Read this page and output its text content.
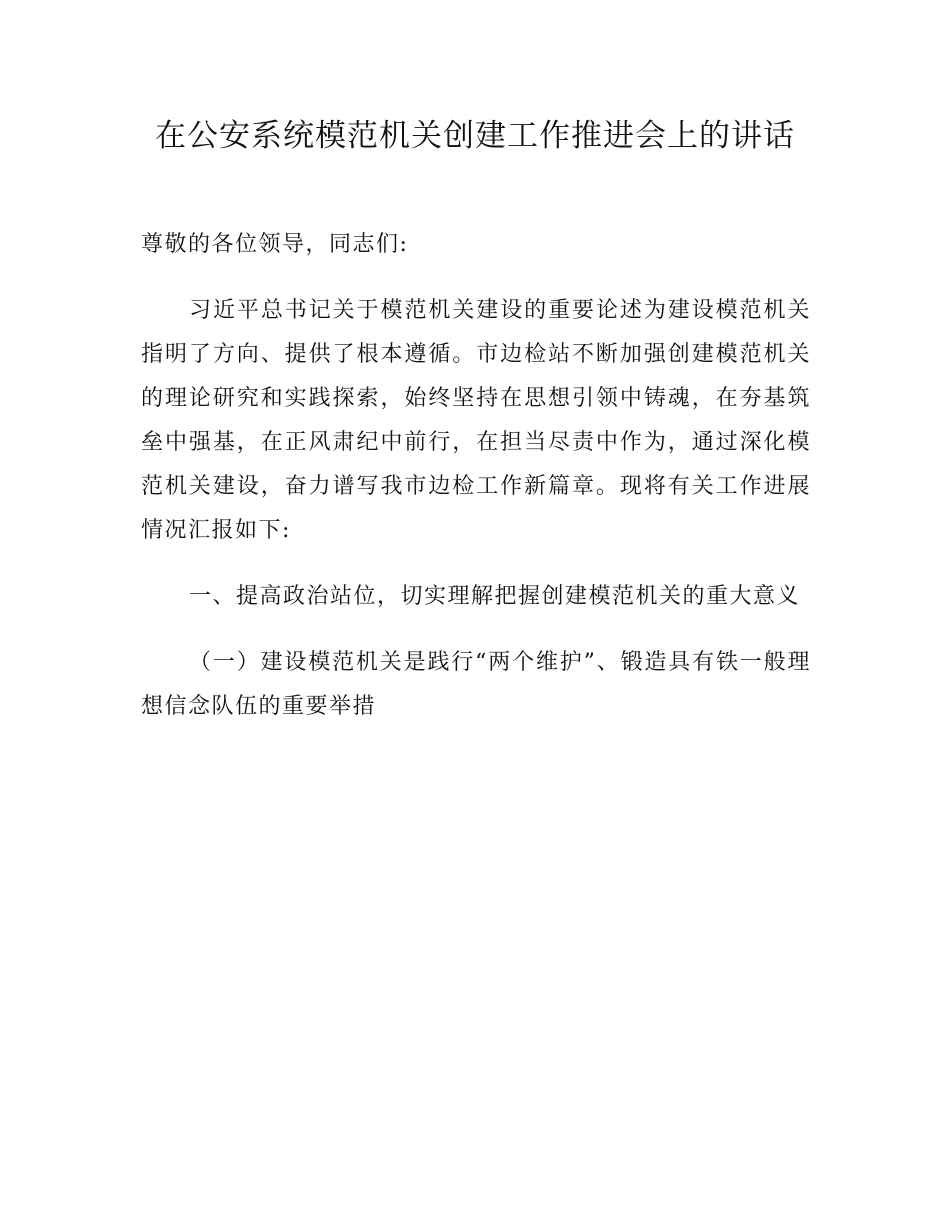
在公安系统模范机关创建工作推进会上的讲话

尊敬的各位领导，同志们:

习近平总书记关于模范机关建设的重要论述为建设模范机关指明了方向、提供了根本遵循。市边检站不断加强创建模范机关的理论研究和实践探索，始终坚持在思想引领中铸魂，在夯基筑垒中强基，在正风肃纪中前行，在担当尽责中作为，通过深化模范机关建设，奋力谱写我市边检工作新篇章。现将有关工作进展情况汇报如下:

一、提高政治站位，切实理解把握创建模范机关的重大意义

（一）建设模范机关是践行“两个维护”、锻造具有铁一般理想信念队伍的重要举措
